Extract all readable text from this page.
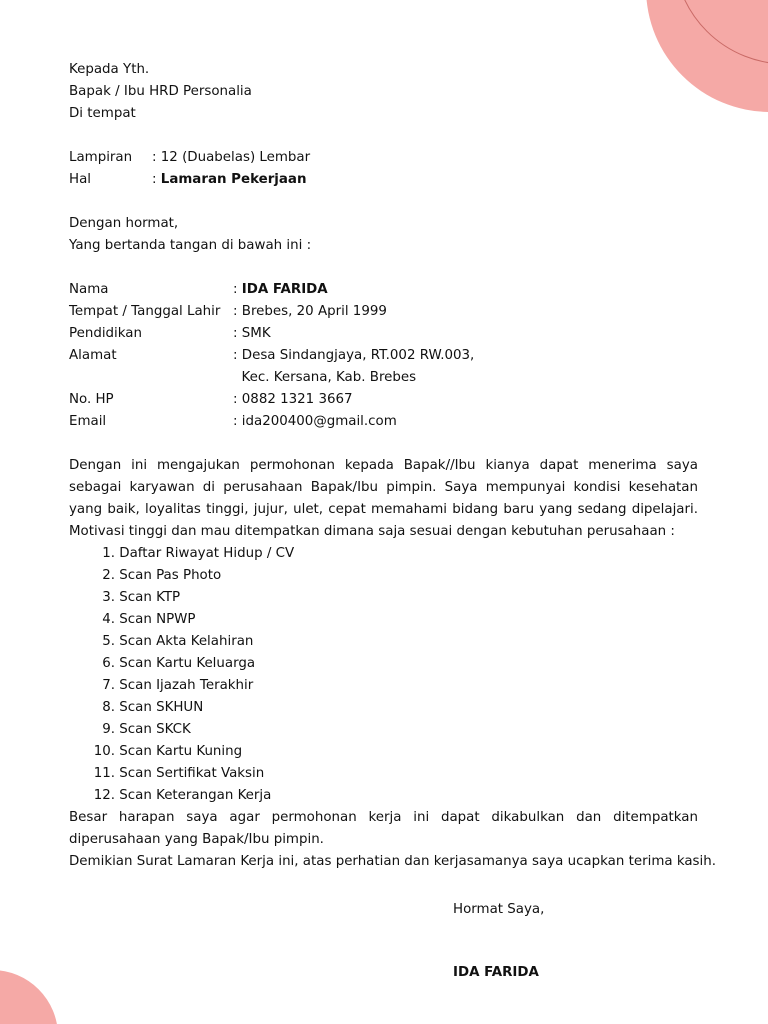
Kepada Yth.
Bapak / Ibu HRD Personalia
Di tempat
Lampiran	: 12 (Duabelas) Lembar
Hal	: Lamaran Pekerjaan
Dengan hormat,
Yang bertanda tangan di bawah ini :
Nama	: IDA FARIDA
Tempat / Tanggal Lahir : Brebes, 20 April 1999
Pendidikan	: SMK
Alamat	: Desa Sindangjaya, RT.002 RW.003,

Kec. Kersana, Kab. Brebes
No. HP	: 0882 1321 3667
Email	: ida200400@gmail.com
Dengan ini mengajukan permohonan kepada Bapak//Ibu kianya dapat menerima saya sebagai karyawan di perusahaan Bapak/Ibu pimpin. Saya mempunyai kondisi kesehatan yang baik, loyalitas tinggi, jujur, ulet, cepat memahami bidang baru yang sedang dipelajari. Motivasi tinggi dan mau ditempatkan dimana saja sesuai dengan kebutuhan perusahaan :
1.
Daftar Riwayat Hidup / CV
2.
Scan Pas Photo
3.
Scan KTP
4.
Scan NPWP
5.
Scan Akta Kelahiran
6.
Scan Kartu Keluarga
7.
Scan Ijazah Terakhir
8.
Scan SKHUN
9.
Scan SKCK
10.
Scan Kartu Kuning
11.
Scan Sertifikat Vaksin
12.
Scan Keterangan Kerja
Besar harapan saya agar permohonan kerja ini dapat dikabulkan dan ditempatkan diperusahaan yang Bapak/Ibu pimpin.
Demikian Surat Lamaran Kerja ini, atas perhatian dan kerjasamanya saya ucapkan terima kasih.
Hormat Saya,
IDA FARIDA
